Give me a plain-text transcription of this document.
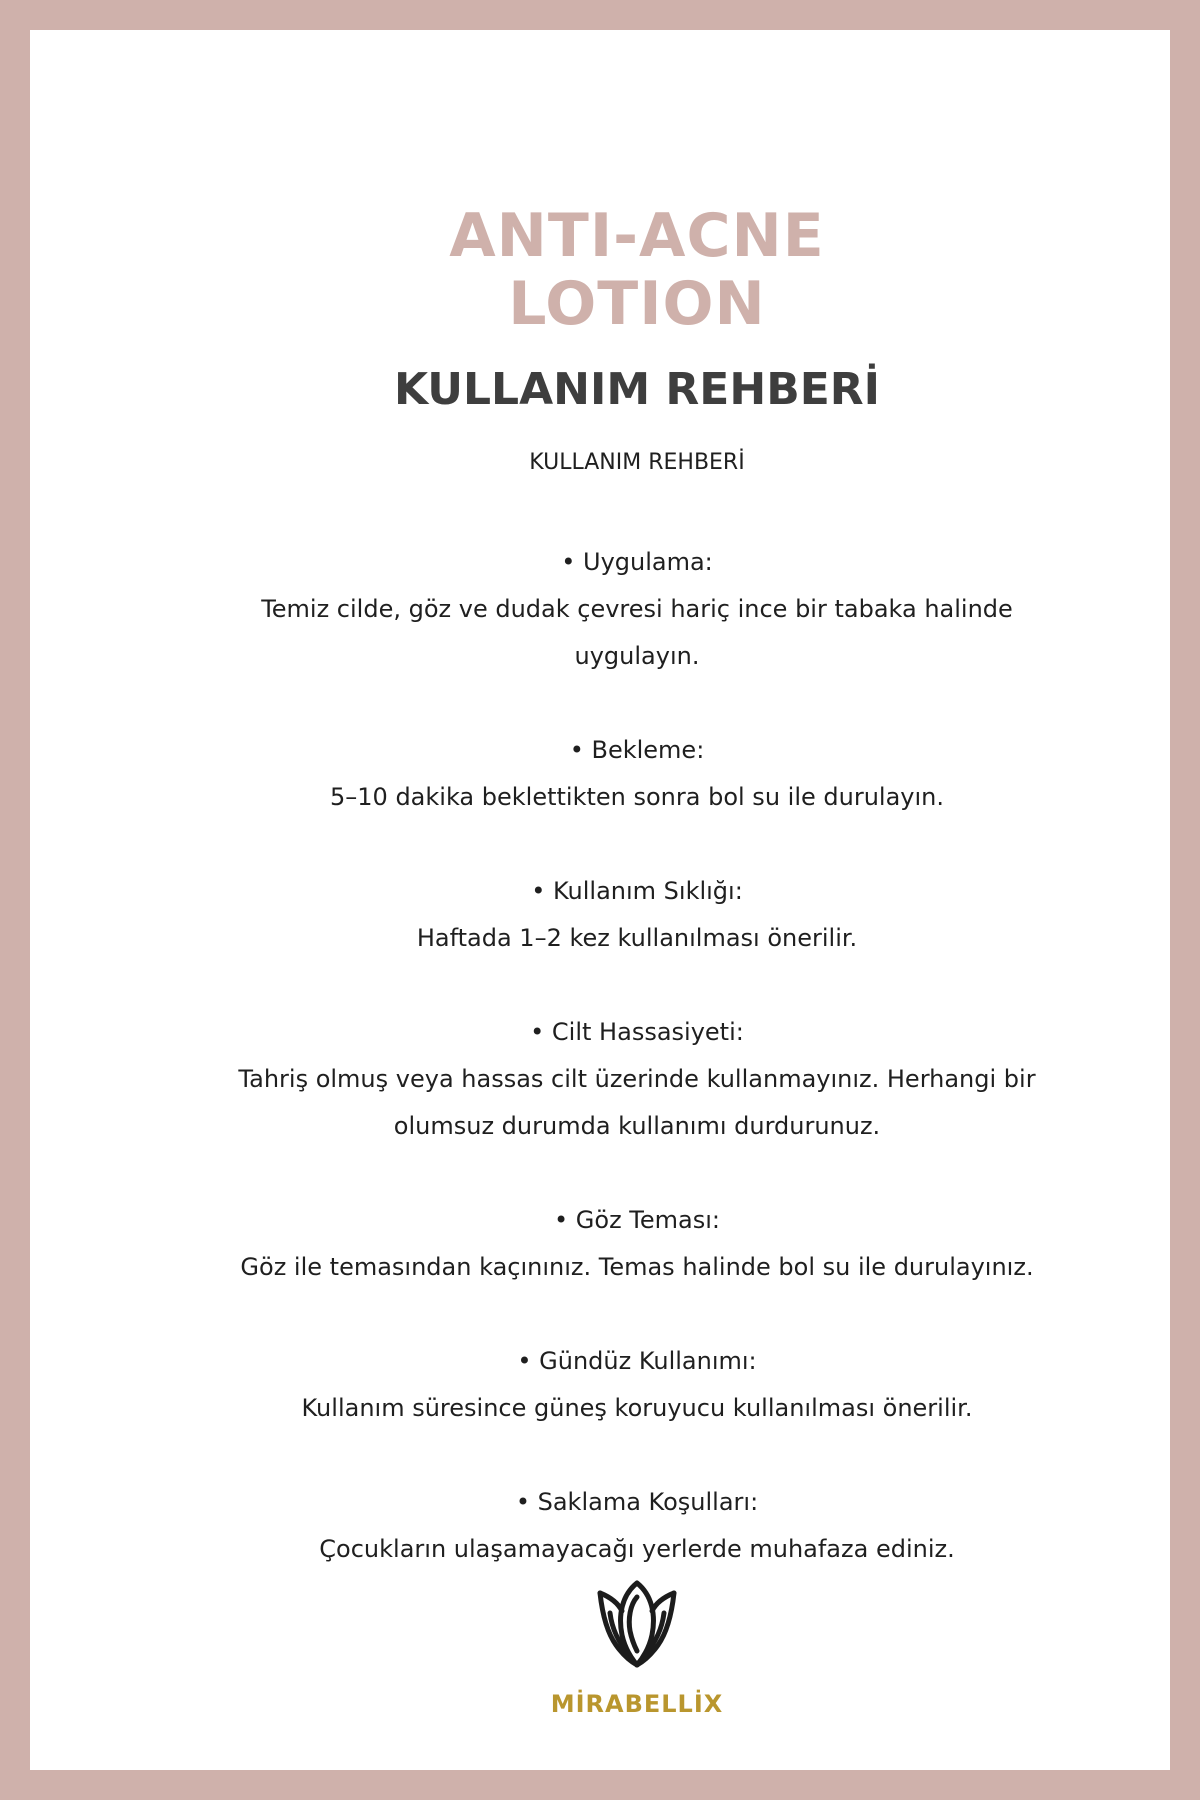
ANTI-ACNE
LOTION
KULLANIM REHBERİ
KULLANIM REHBERİ
• Uygulama:
Temiz cilde, göz ve dudak çevresi hariç ince bir tabaka halinde uygulayın.
• Bekleme:
5–10 dakika beklettikten sonra bol su ile durulayın.
• Kullanım Sıklığı:
Haftada 1–2 kez kullanılması önerilir.
• Cilt Hassasiyeti:
Tahriş olmuş veya hassas cilt üzerinde kullanmayınız. Herhangi bir olumsuz durumda kullanımı durdurunuz.
• Göz Teması:
Göz ile temasından kaçınınız. Temas halinde bol su ile durulayınız.
• Gündüz Kullanımı:
Kullanım süresince güneş koruyucu kullanılması önerilir.
• Saklama Koşulları:
Çocukların ulaşamayacağı yerlerde muhafaza ediniz.
MİRABELLİX
